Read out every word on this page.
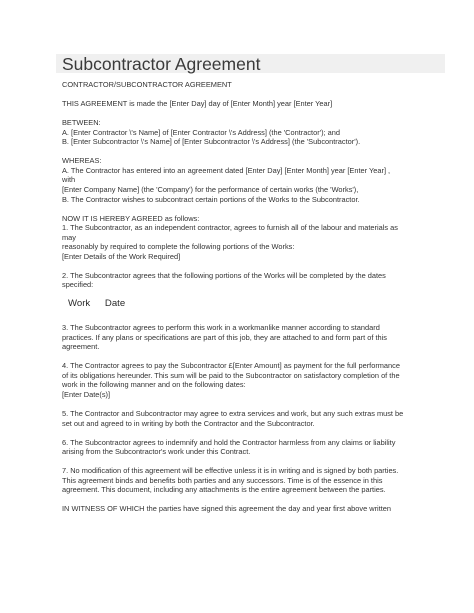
Subcontractor Agreement
CONTRACTOR/SUBCONTRACTOR AGREEMENT
THIS AGREEMENT is made the [Enter Day] day of [Enter Month] year [Enter Year]
BETWEEN:
A. [Enter Contractor \'s Name] of [Enter Contractor \'s Address] (the 'Contractor'); and
B. [Enter Subcontractor \'s Name] of [Enter Subcontractor \'s Address] (the 'Subcontractor').
WHEREAS:
A. The Contractor has entered into an agreement dated [Enter Day] [Enter Month] year [Enter Year] ,
with
[Enter Company Name] (the 'Company') for the performance of certain works (the 'Works'),
B. The Contractor wishes to subcontract certain portions of the Works to the Subcontractor.
NOW IT IS HEREBY AGREED as follows:
1. The Subcontractor, as an independent contractor, agrees to furnish all of the labour and materials as
may
reasonably by required to complete the following portions of the Works:
[Enter Details of the Work Required]
2. The Subcontractor agrees that the following portions of the Works will be completed by the dates
specified:
Work Date
3. The Subcontractor agrees to perform this work in a workmanlike manner according to standard
practices. If any plans or specifications are part of this job, they are attached to and form part of this
agreement.
4. The Contractor agrees to pay the Subcontractor £[Enter Amount] as payment for the full performance
of its obligations hereunder. This sum will be paid to the Subcontractor on satisfactory completion of the
work in the following manner and on the following dates:
[Enter Date(s)]
5. The Contractor and Subcontractor may agree to extra services and work, but any such extras must be
set out and agreed to in writing by both the Contractor and the Subcontractor.
6. The Subcontractor agrees to indemnify and hold the Contractor harmless from any claims or liability
arising from the Subcontractor's work under this Contract.
7. No modification of this agreement will be effective unless it is in writing and is signed by both parties.
This agreement binds and benefits both parties and any successors. Time is of the essence in this
agreement. This document, including any attachments is the entire agreement between the parties.
IN WITNESS OF WHICH the parties have signed this agreement the day and year first above written
